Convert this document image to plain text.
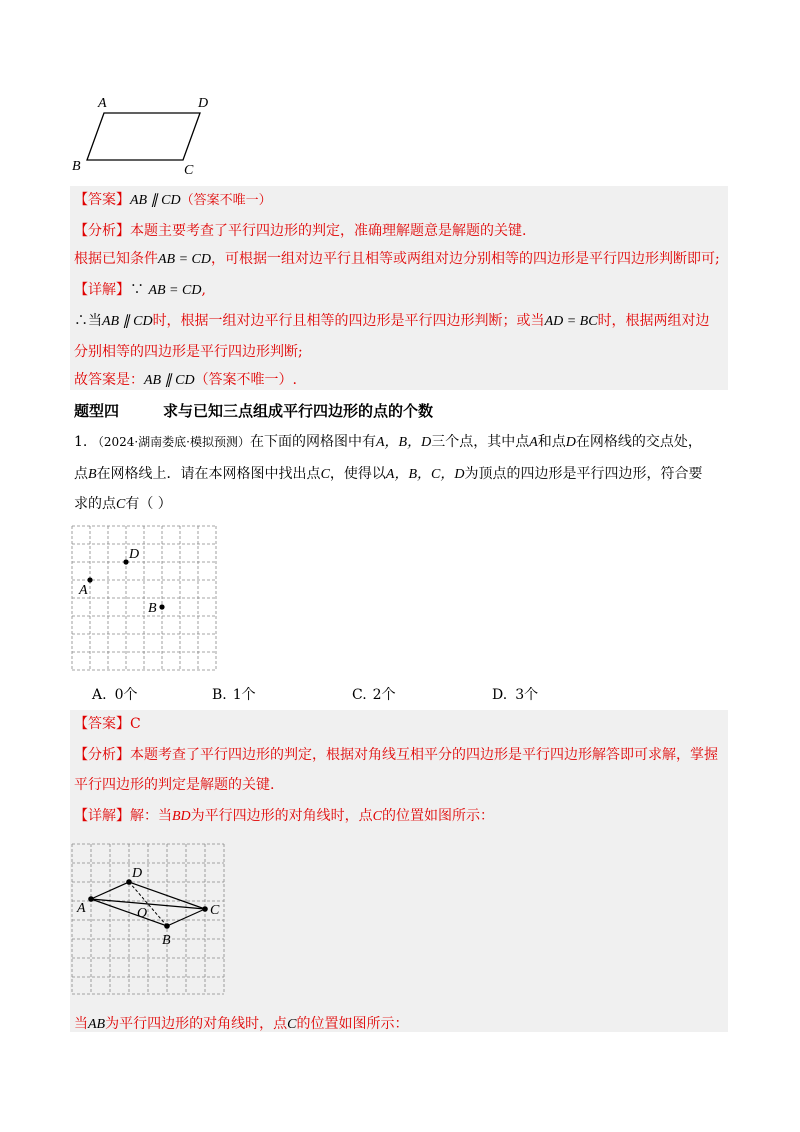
A	D
B	C
【答案】AB ∥ CD（答案不唯一）
【分析】本题主要考查了平行四边形的判定，准确理解题意是解题的关键.
根据已知条件AB = CD，可根据一组对边平行且相等或两组对边分别相等的四边形是平行四边形判断即可;
【详解】∵ AB = CD,
∴当AB ∥ CD时，根据一组对边平行且相等的四边形是平行四边形判断；或当AD = BC时，根据两组对边
分别相等的四边形是平行四边形判断;
故答案是：AB ∥ CD（答案不唯一）.
题型四	求与已知三点组成平行四边形的点的个数
1. （2024·湖南娄底·模拟预测）在下面的网格图中有A，B，D三个点，其中点A和点D在网格线的交点处，
点B在网格线上．请在本网格图中找出点C，使得以A，B，C，D为顶点的四边形是平行四边形，符合要
求的点C有（ ）
A
D
B
A. 0个	B. 1个	C. 2个	D. 3个
【答案】C
【分析】本题考查了平行四边形的判定，根据对角线互相平分的四边形是平行四边形解答即可求解，掌握
平行四边形的判定是解题的关键.
【详解】解：当BD为平行四边形的对角线时，点C的位置如图所示：
A
D
C
B
O
当AB为平行四边形的对角线时，点C的位置如图所示：
